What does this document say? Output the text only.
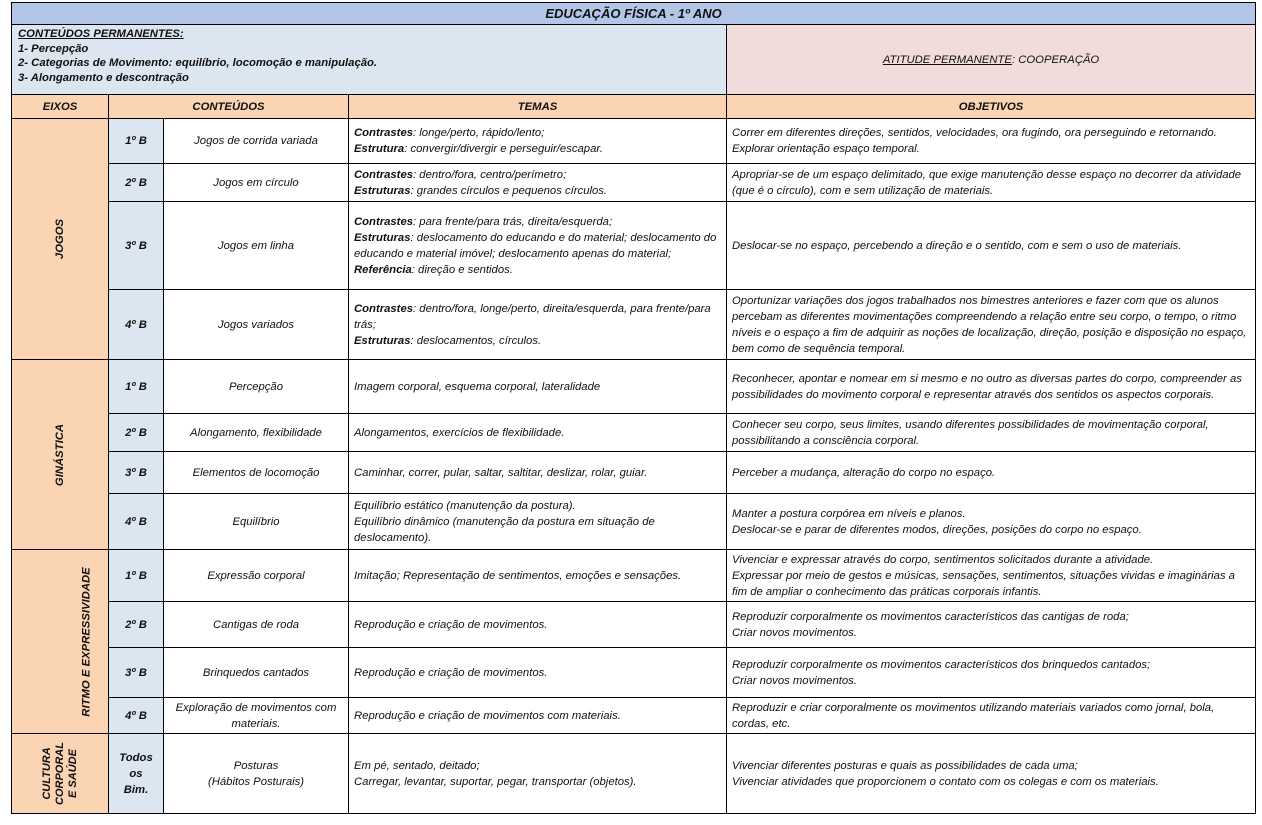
EDUCAÇÃO FÍSICA - 1º ANO				

CONTEÚDOS PERMANENTES:
1- Percepção
2- Categorias de Movimento: equilíbrio, locomoção e manipulação.
3- Alongamento e descontração				ATITUDE PERMANENTE: COOPERAÇÃO
EIXOS	CONTEÚDOS		TEMAS	OBJETIVOS
JOGOS	1º B	Jogos de corrida variada	Contrastes: longe/perto, rápido/lento;
Estrutura: convergir/divergir e perseguir/escapar.	Correr em diferentes direções, sentidos, velocidades, ora fugindo, ora perseguindo e retornando. Explorar orientação espaço temporal.

	2º B	Jogos em círculo	Contrastes: dentro/fora, centro/perímetro;
Estruturas: grandes círculos e pequenos círculos.	Apropriar-se de um espaço delimitado, que exige manutenção desse espaço no decorrer da atividade (que é o círculo), com e sem utilização de materiais.

	3º B	Jogos em linha	Contrastes: para frente/para trás, direita/esquerda;
Estruturas: deslocamento do educando e do material; deslocamento do educando e material imóvel; deslocamento apenas do material;
Referência: direção e sentidos.	Deslocar-se no espaço, percebendo a direção e o sentido, com e sem o uso de materiais.

	4º B	Jogos variados	Contrastes: dentro/fora, longe/perto, direita/esquerda, para frente/para trás;
Estruturas: deslocamentos, círculos.	Oportunizar variações dos jogos trabalhados nos bimestres anteriores e fazer com que os alunos percebam as diferentes movimentações compreendendo a relação entre seu corpo, o tempo, o ritmo níveis e o espaço a fim de adquirir as noções de localização, direção, posição e disposição no espaço, bem como de sequência temporal.

GINÁSTICA	1º B	Percepção	Imagem corporal, esquema corporal, lateralidade	Reconhecer, apontar e nomear em si mesmo e no outro as diversas partes do corpo, compreender as possibilidades do movimento corporal e representar através dos sentidos os aspectos corporais.

	2º B	Alongamento, flexibilidade	Alongamentos, exercícios de flexibilidade.	Conhecer seu corpo, seus limites, usando diferentes possibilidades de movimentação corporal, possibilitando a consciência corporal.

	3º B	Elementos de locomoção	Caminhar, correr, pular, saltar, saltitar, deslizar, rolar, guiar.	Perceber a mudança, alteração do corpo no espaço.

	4º B	Equilíbrio	Equilíbrio estático (manutenção da postura).
Equilíbrio dinâmico (manutenção da postura em situação de deslocamento).	Manter a postura corpórea em níveis e planos.
Deslocar-se e parar de diferentes modos, direções, posições do corpo no espaço.

RITMO E EXPRESSIVIDADE	1º B	Expressão corporal	Imitação; Representação de sentimentos, emoções e sensações.	Vivenciar e expressar através do corpo, sentimentos solicitados durante a atividade.
Expressar por meio de gestos e músicas, sensações, sentimentos, situações vividas e imaginárias a fim de ampliar o conhecimento das práticas corporais infantis.

	2º B	Cantigas de roda	Reprodução e criação de movimentos.	Reproduzir corporalmente os movimentos característicos das cantigas de roda;
Criar novos movimentos.

	3º B	Brinquedos cantados	Reprodução e criação de movimentos.	Reproduzir corporalmente os movimentos característicos dos brinquedos cantados;
Criar novos movimentos.

	4º B	Exploração de movimentos com materiais.	Reprodução e criação de movimentos com materiais.	Reproduzir e criar corporalmente os movimentos utilizando materiais variados como jornal, bola, cordas, etc.

CULTURA CORPORAL E SAÚDE	Todos
os
Bim.	Posturas
(Hábitos Posturais)	Em pé, sentado, deitado;
Carregar, levantar, suportar, pegar, transportar (objetos).	Vivenciar diferentes posturas e quais as possibilidades de cada uma;
Vivenciar atividades que proporcionem o contato com os colegas e com os materiais.
